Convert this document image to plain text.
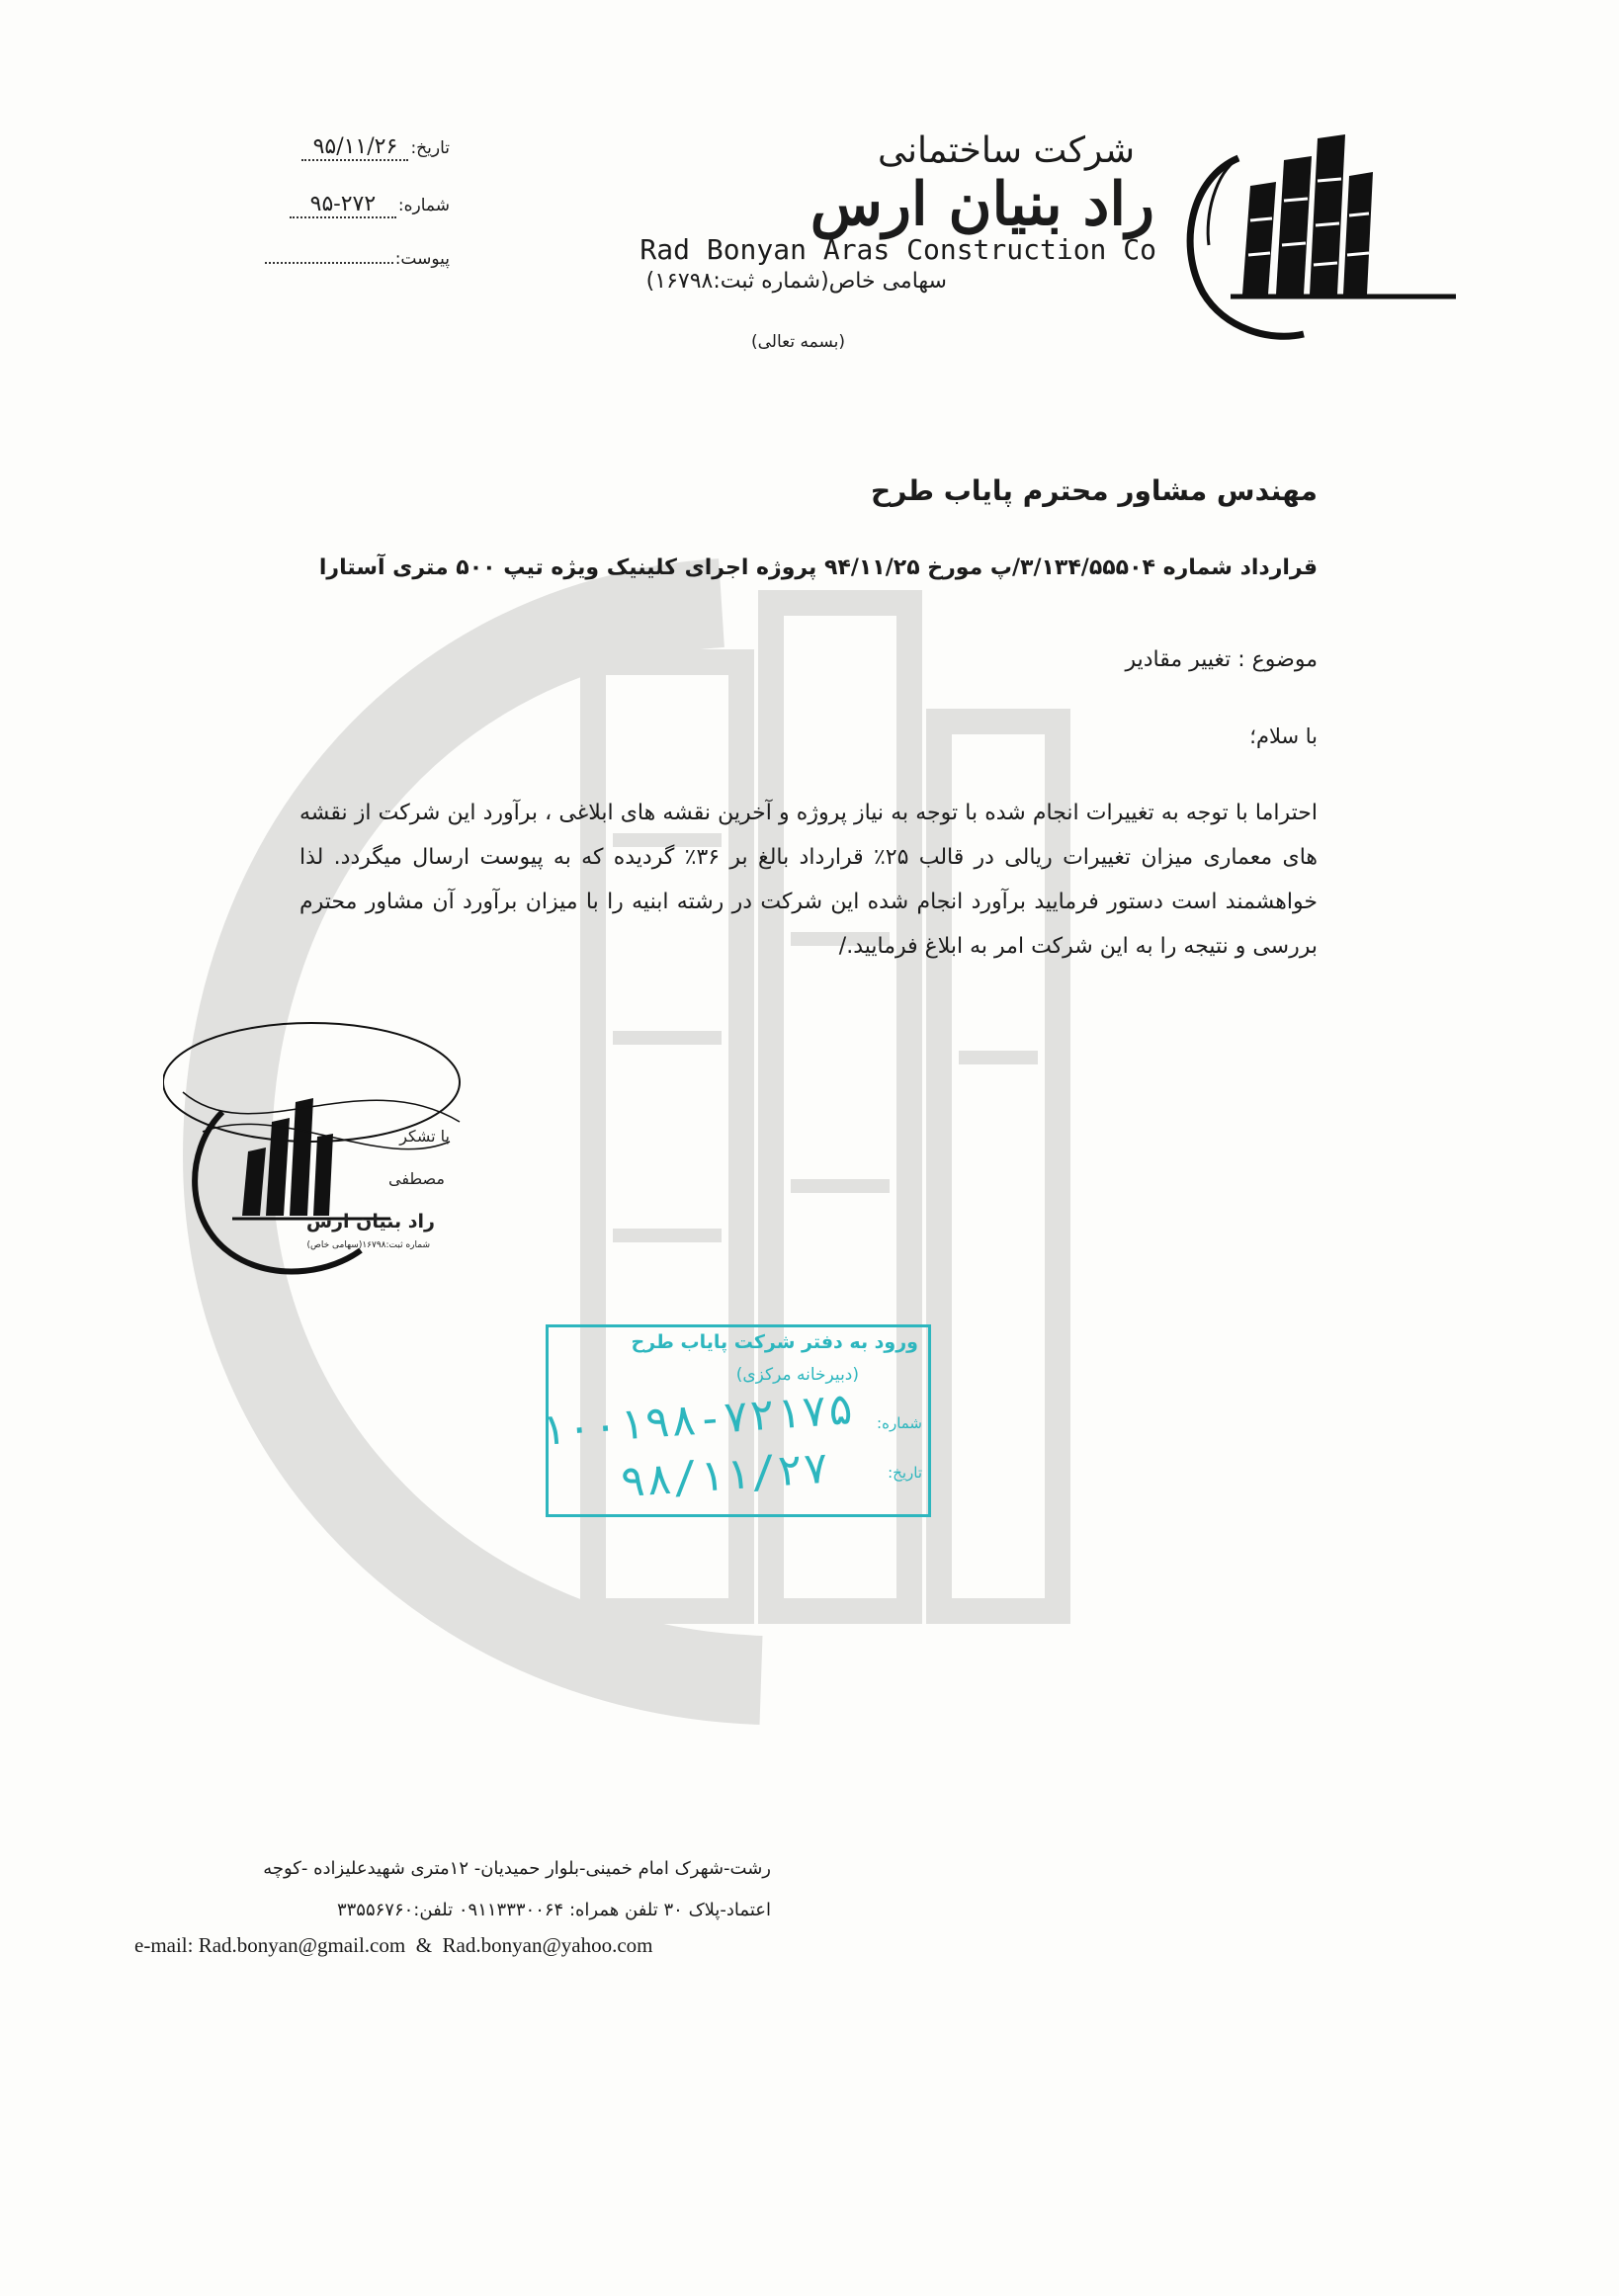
شرکت ساختمانی
راد بنیان ارس
Rad Bonyan Aras Construction Co
سهامی خاص(شماره ثبت:۱۶۷۹۸)
(بسمه تعالی)
۹۵/۱۱/۲۶ تاریخ:
۹۵-۲۷۲	شماره:
پیوست:
مهندس مشاور محترم پایاب طرح
قرارداد شماره ۳/۱۳۴/۵۵۵۰۴/پ مورخ ۹۴/۱۱/۲۵ پروژه اجرای کلینیک ویژه تیپ ۵۰۰ متری آستارا
موضوع : تغییر مقادیر
با سلام؛
احتراما با توجه به تغییرات انجام شده با توجه به نیاز پروژه و آخرین نقشه های ابلاغی ، برآورد این شرکت از نقشه های معماری میزان تغییرات ریالی در قالب ۲۵٪ قرارداد بالغ بر ۳۶٪ گردیده که به پیوست ارسال میگردد. لذا خواهشمند است دستور فرمایید برآورد انجام شده این شرکت در رشته ابنیه را با میزان برآورد آن مشاور محترم بررسی و نتیجه را به این شرکت امر به ابلاغ فرمایید./
با تشکر
مصطفی
راد بنیان ارس
شماره ثبت:۱۶۷۹۸(سهامی خاص)
ورود به دفتر شرکت پایاب طرح
(دبیرخانه مرکزی)
شماره:
۱۰۰۱۹۸-۷۲۱۷۵
تاریخ:
۹۸/۱۱/۲۷
رشت-شهرک امام خمینی-بلوار حمیدیان- ۱۲متری شهیدعلیزاده -کوچه
اعتماد-پلاک ۳۰ تلفن همراه: ۰۹۱۱۳۳۳۰۰۶۴ تلفن:۳۳۵۵۶۷۶۰
e-mail: Rad.bonyan@gmail.com & Rad.bonyan@yahoo.com
